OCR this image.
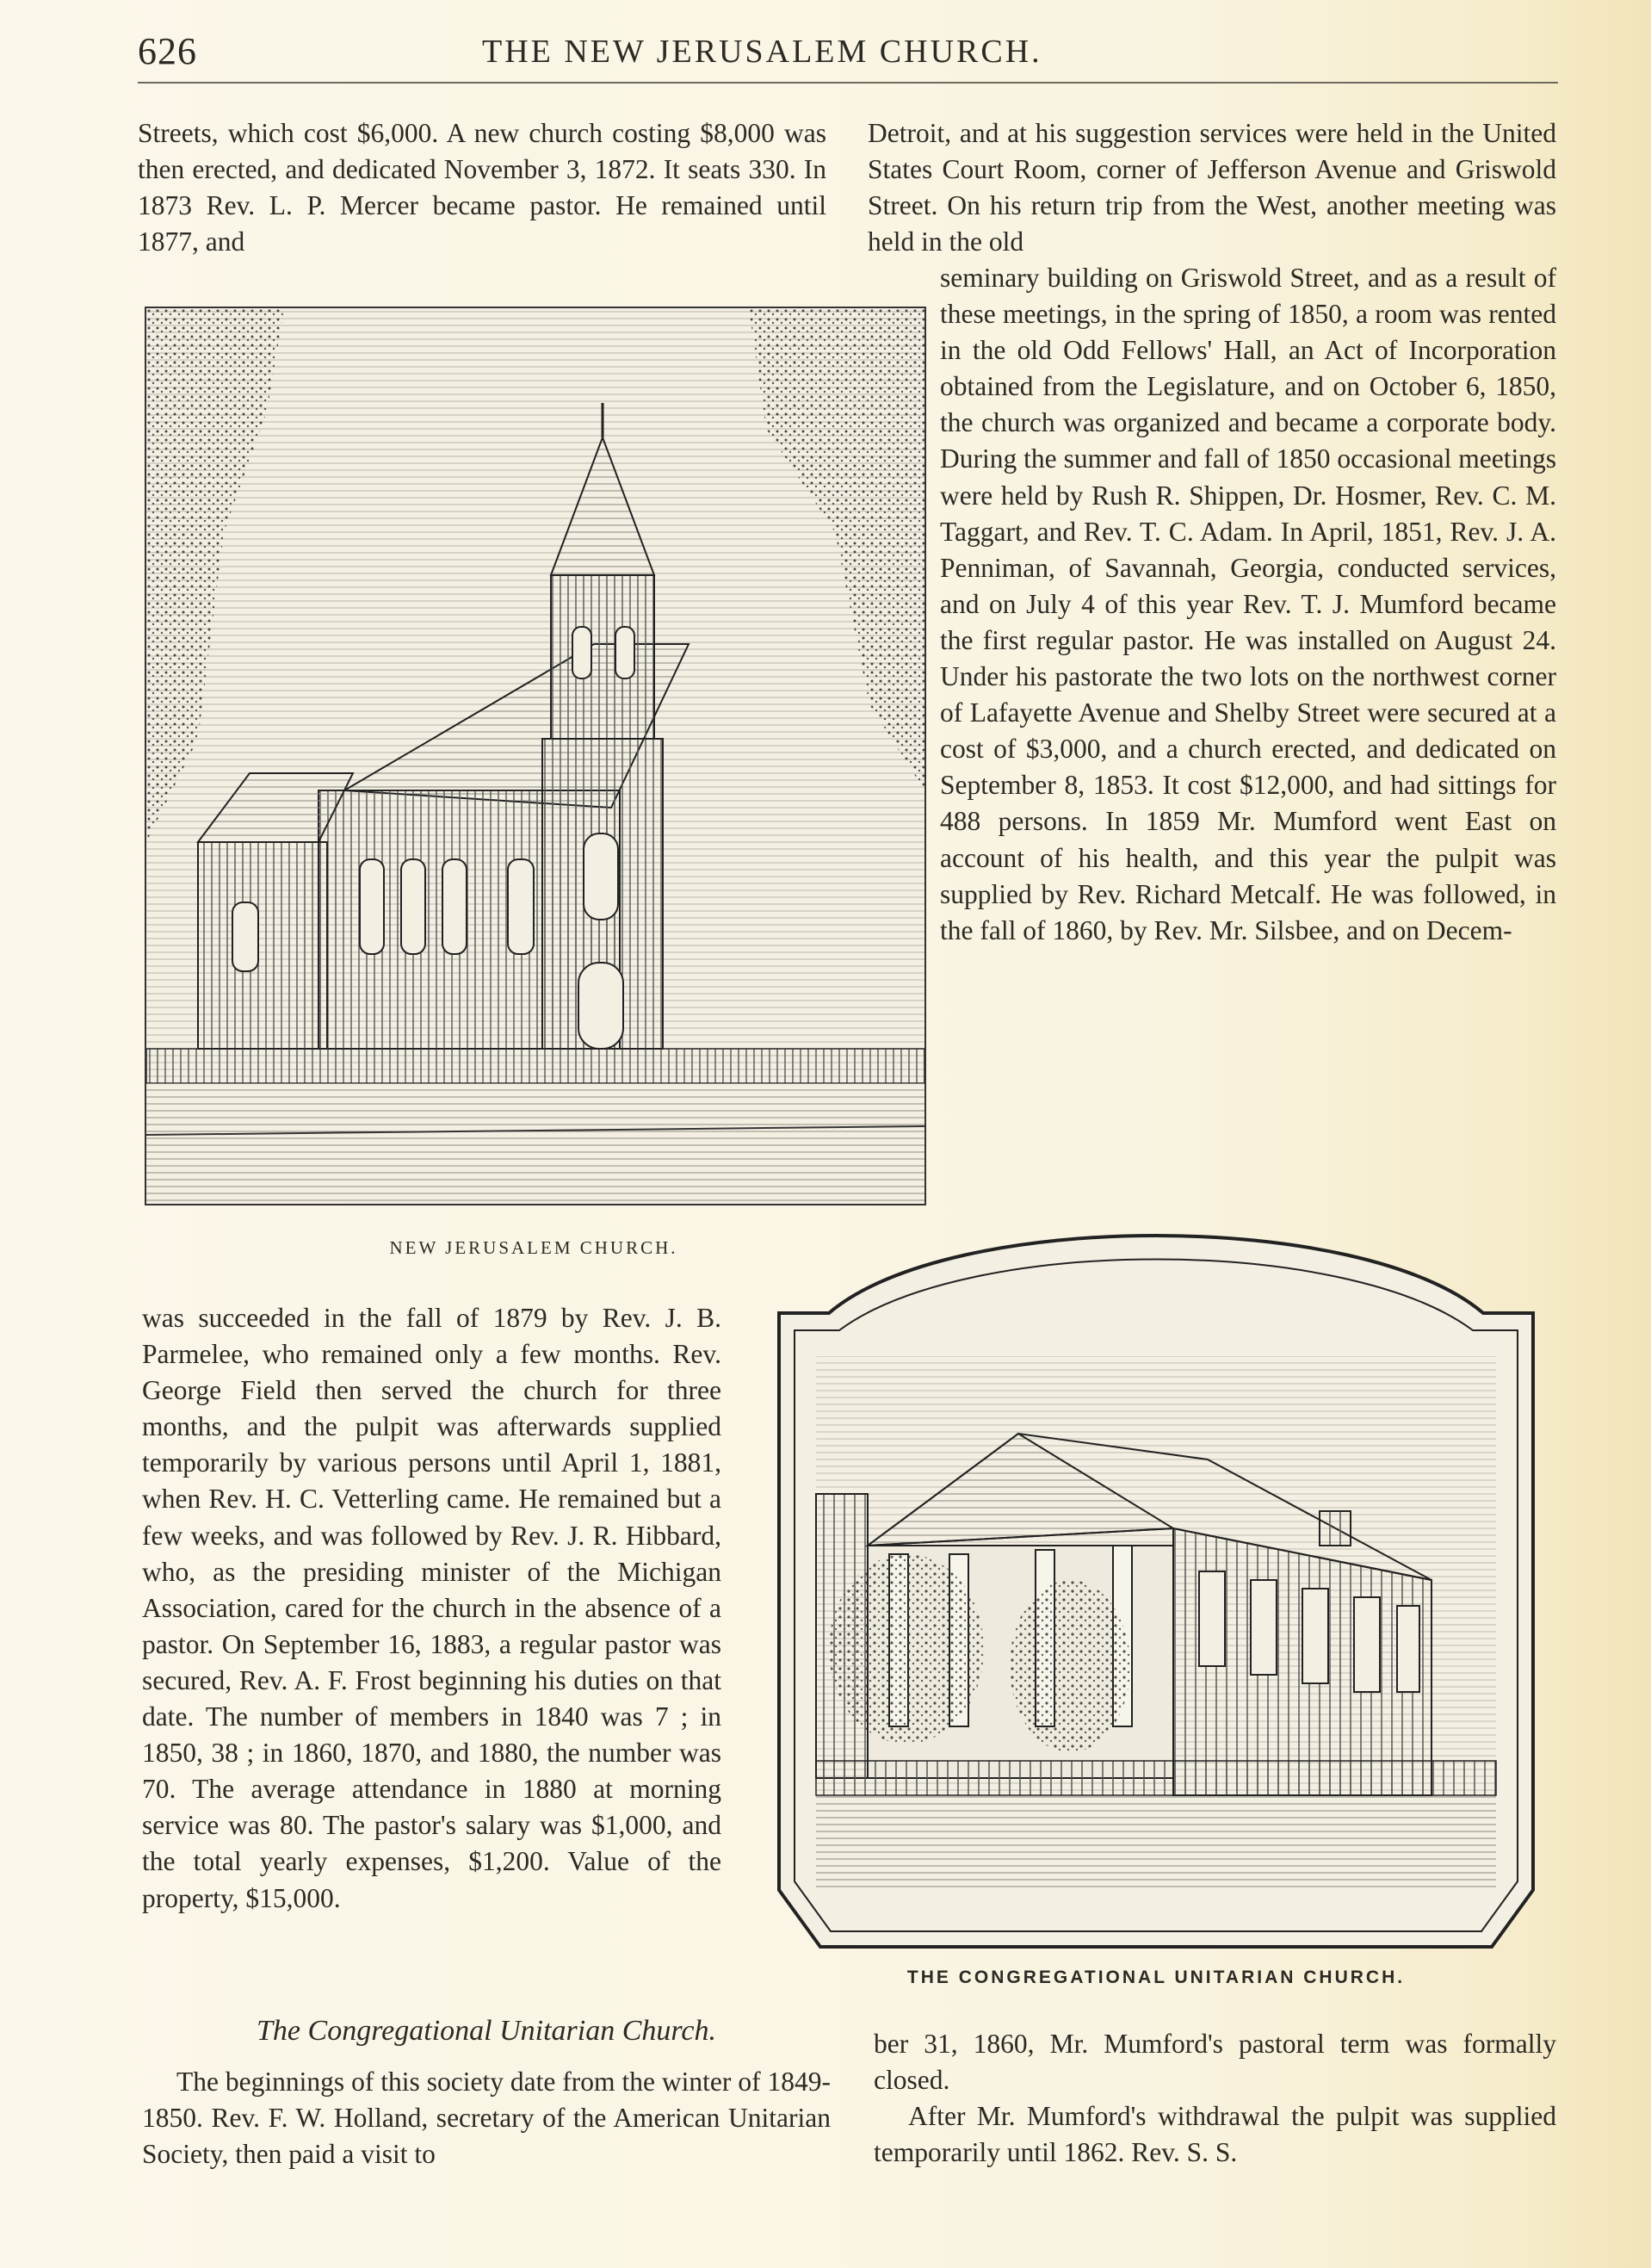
626	THE NEW JERUSALEM CHURCH.

Streets, which cost $6,000. A new church costing $8,000 was then erected, and dedicated November 3, 1872. It seats 330. In 1873 Rev. L. P. Mercer became pastor. He remained until 1877, and

Detroit, and at his suggestion services were held in the United States Court Room, corner of Jefferson Avenue and Griswold Street. On his return trip from the West, another meeting was held in the old

seminary building on Griswold Street, and as a result of these meetings, in the spring of 1850, a room was rented in the old Odd Fellows' Hall, an Act of Incorporation obtained from the Legislature, and on October 6, 1850, the church was organized and became a corporate body. During the summer and fall of 1850 occasional meetings were held by Rush R. Shippen, Dr. Hosmer, Rev. C. M. Taggart, and Rev. T. C. Adam. In April, 1851, Rev. J. A. Penniman, of Savannah, Georgia, conducted services, and on July 4 of this year Rev. T. J. Mumford became the first regular pastor. He was installed on August 24. Under his pastorate the two lots on the northwest corner of Lafayette Avenue and Shelby Street were secured at a cost of $3,000, and a church erected, and dedicated on September 8, 1853. It cost $12,000, and had sittings for 488 persons. In 1859 Mr. Mumford went East on account of his health, and this year the pulpit was supplied by Rev. Richard Metcalf. He was followed, in the fall of 1860, by Rev. Mr. Silsbee, and on Decem-

NEW JERUSALEM CHURCH.

was succeeded in the fall of 1879 by Rev. J. B. Parmelee, who remained only a few months. Rev. George Field then served the church for three months, and the pulpit was afterwards supplied temporarily by various persons until April 1, 1881, when Rev. H. C. Vetterling came. He remained but a few weeks, and was followed by Rev. J. R. Hibbard, who, as the presiding minister of the Michigan Association, cared for the church in the absence of a pastor. On September 16, 1883, a regular pastor was secured, Rev. A. F. Frost beginning his duties on that date. The number of members in 1840 was 7 ; in 1850, 38 ; in 1860, 1870, and 1880, the number was 70. The average attendance in 1880 at morning service was 80. The pastor's salary was $1,000, and the total yearly expenses, $1,200. Value of the property, $15,000.

THE CONGREGATIONAL UNITARIAN CHURCH.
The Congregational Unitarian Church.

The beginnings of this society date from the winter of 1849-1850. Rev. F. W. Holland, secretary of the American Unitarian Society, then paid a visit to

ber 31, 1860, Mr. Mumford's pastoral term was formally closed.

After Mr. Mumford's withdrawal the pulpit was supplied temporarily until 1862. Rev. S. S.
